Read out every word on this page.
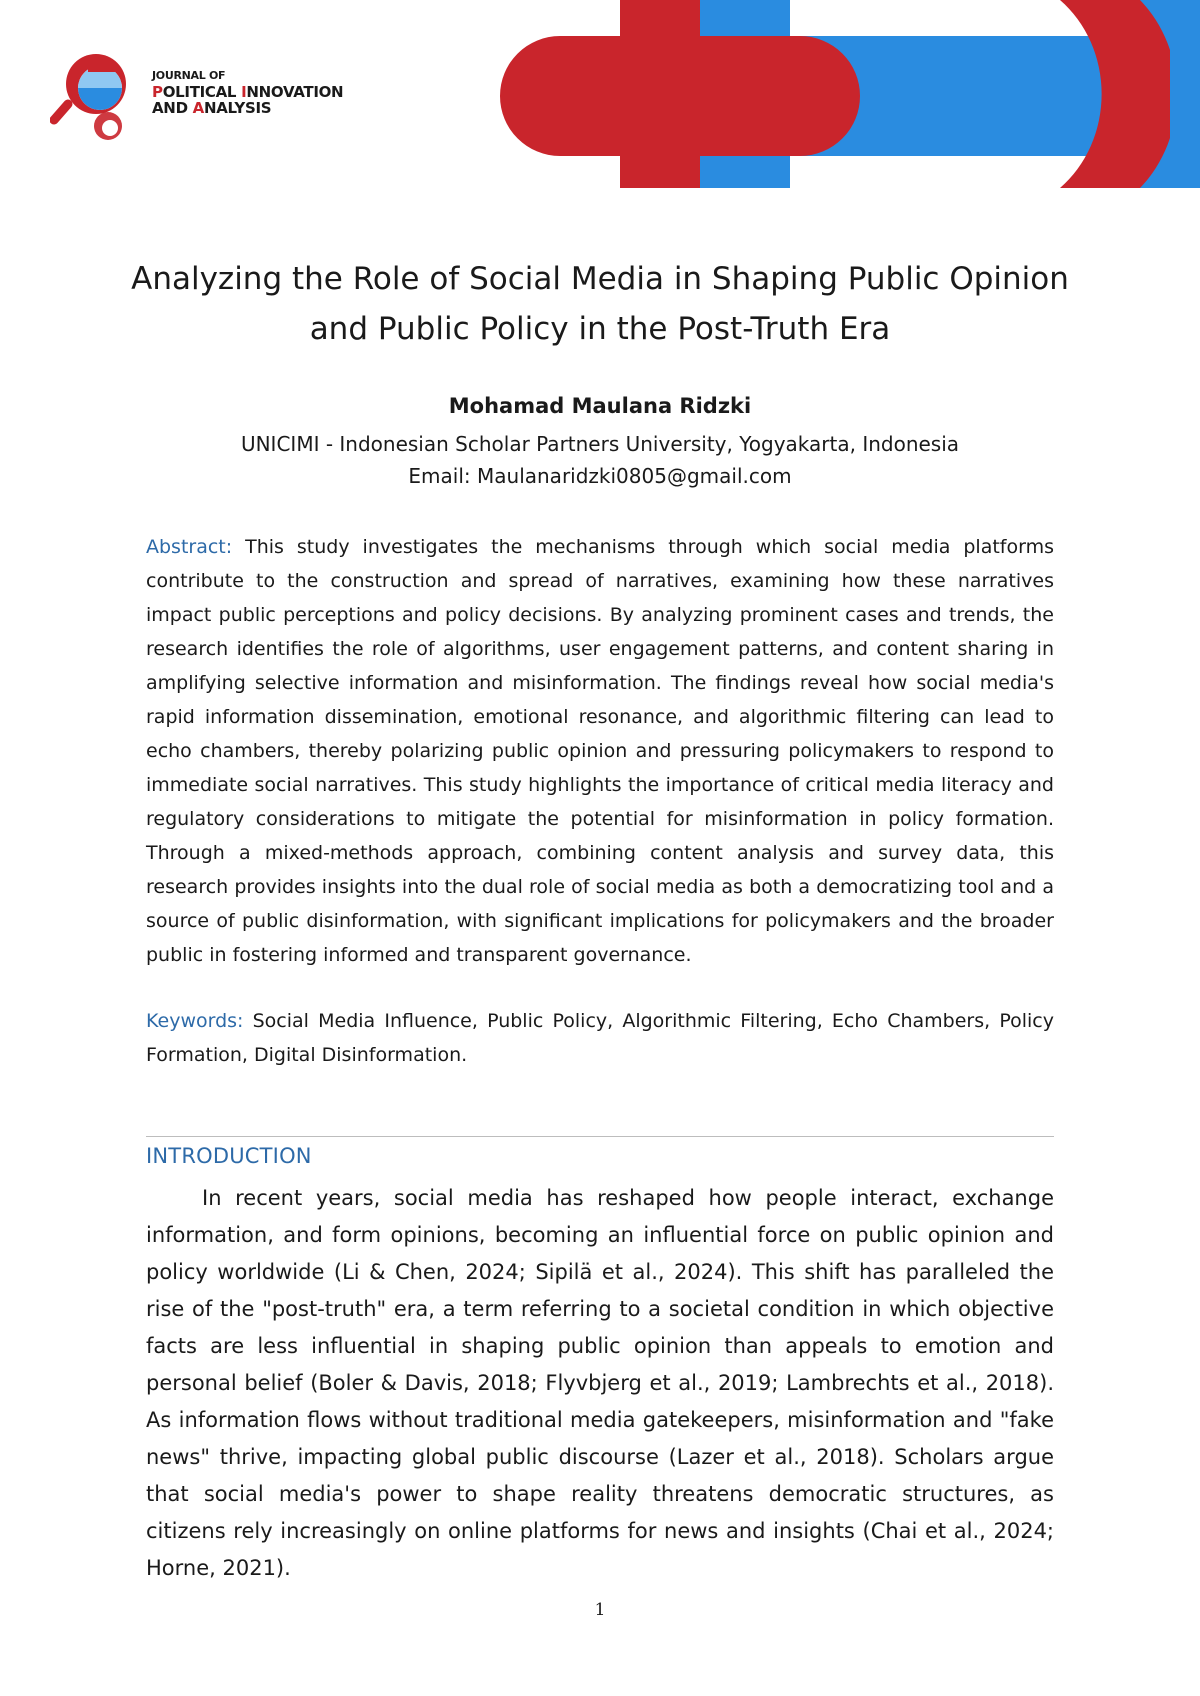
JOURNAL OF
POLITICAL INNOVATION
AND ANALYSIS
Analyzing the Role of Social Media in Shaping Public Opinion
and Public Policy in the Post-Truth Era
Mohamad Maulana Ridzki
UNICIMI - Indonesian Scholar Partners University, Yogyakarta, Indonesia
Email: Maulanaridzki0805@gmail.com
Abstract: This study investigates the mechanisms through which social media platforms contribute to the construction and spread of narratives, examining how these narratives impact public perceptions and policy decisions. By analyzing prominent cases and trends, the research identifies the role of algorithms, user engagement patterns, and content sharing in amplifying selective information and misinformation. The findings reveal how social media's rapid information dissemination, emotional resonance, and algorithmic filtering can lead to echo chambers, thereby polarizing public opinion and pressuring policymakers to respond to immediate social narratives. This study highlights the importance of critical media literacy and regulatory considerations to mitigate the potential for misinformation in policy formation. Through a mixed-methods approach, combining content analysis and survey data, this research provides insights into the dual role of social media as both a democratizing tool and a source of public disinformation, with significant implications for policymakers and the broader public in fostering informed and transparent governance.
Keywords: Social Media Influence, Public Policy, Algorithmic Filtering, Echo Chambers, Policy Formation, Digital Disinformation.
INTRODUCTION
In recent years, social media has reshaped how people interact, exchange information, and form opinions, becoming an influential force on public opinion and policy worldwide (Li & Chen, 2024; Sipilä et al., 2024). This shift has paralleled the rise of the "post-truth" era, a term referring to a societal condition in which objective facts are less influential in shaping public opinion than appeals to emotion and personal belief (Boler & Davis, 2018; Flyvbjerg et al., 2019; Lambrechts et al., 2018). As information flows without traditional media gatekeepers, misinformation and "fake news" thrive, impacting global public discourse (Lazer et al., 2018). Scholars argue that social media's power to shape reality threatens democratic structures, as citizens rely increasingly on online platforms for news and insights (Chai et al., 2024; Horne, 2021).
1
